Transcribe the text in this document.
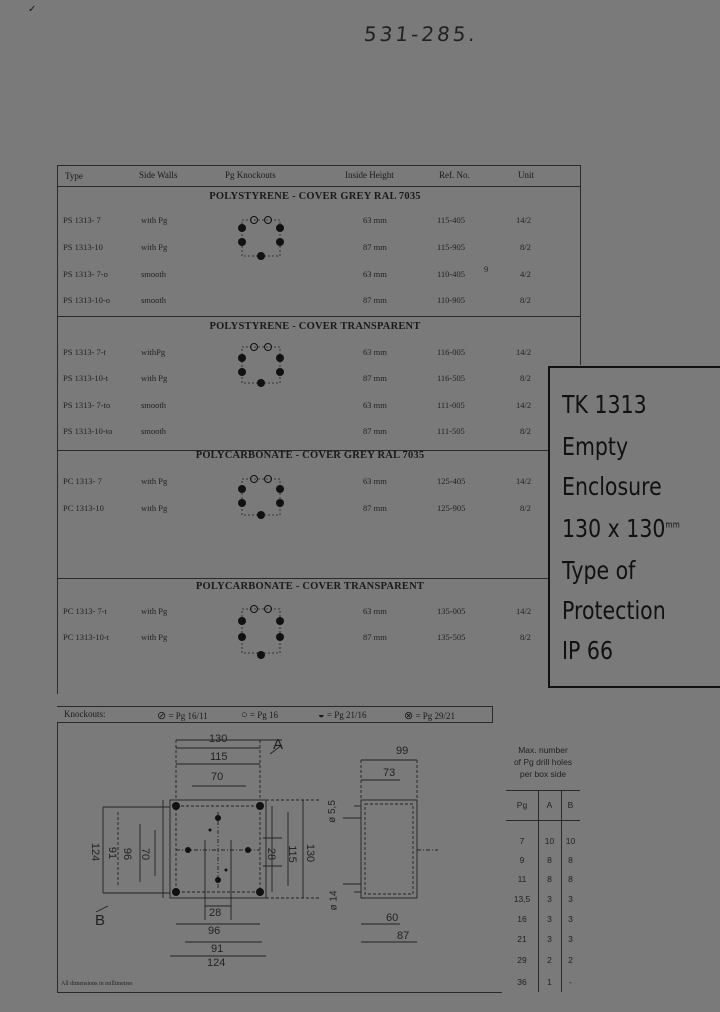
531-285.
✓
Type	Side Walls	Pg Knockouts	Inside Height	Ref. No.	Unit
POLYSTYRENE - COVER GREY RAL 7035
POLYSTYRENE - COVER TRANSPARENT
POLYCARBONATE - COVER GREY RAL 7035
POLYCARBONATE - COVER TRANSPARENT
PS 1313- 7	with Pg	63 mm	115-405	14/2
PS 1313-10	with Pg	87 mm	115-905	8/2
PS 1313- 7-o	smooth	63 mm	110-405	4/2
9
PS 1313-10-o	smooth	87 mm	110-905	8/2
PS 1313- 7-t	withPg	63 mm	116-005	14/2
PS 1313-10-t	with Pg	87 mm	116-505	8/2
PS 1313- 7-to	smooth	63 mm	111-005	14/2
PS 1313-10-to	smooth	87 mm	111-505	8/2
PC 1313- 7	with Pg	63 mm	125-405	14/2
PC 1313-10	with Pg	87 mm	125-905	8/2
PC 1313- 7-t	with Pg	63 mm	135-005	14/2
PC 1313-10-t	with Pg	87 mm	135-505	8/2
TK 1313
Empty
Enclosure
130 x $130^{mm}$
Type of
Protection
IP 66
Knockouts:	⊘ = Pg 16/11	○ = Pg 16	◒ = Pg 21/16	⊗ = Pg 29/21
A
B
130
115
70
28
96
91
124
124 91 96 70	28 115 130
99
73
60
87
ø 5,5
ø 14
Max. number
of Pg drill holes
per box side
Pg	A	B
7	10	10
9	8	8
11	8	8
13,5	3	3
16	3	3
21	3	3
29	2	2
36	1	-
All dimensions in millimetres
